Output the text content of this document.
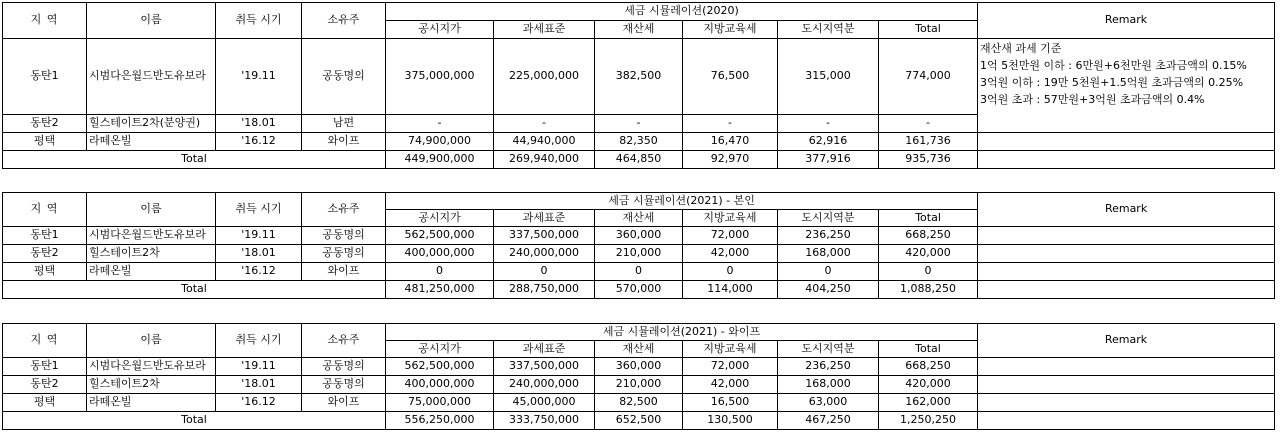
지 역	이름	취득 시기	소유주	세금 시뮬레이션(2020)						Remark
				공시지가	과세표준	재산세	지방교육세	도시지역분	Total	
동탄1	시범다은월드반도유보라	'19.11	공동명의	375,000,000	225,000,000	382,500	76,500	315,000	774,000	재산새 과세 기준
1억 5천만원 이하 : 6만원+6천만원 초과금액의 0.15%
3억원 이하 : 19만 5천원+1.5억원 초과금액의 0.25%
3억원 초과 : 57만원+3억원 초과금액의 0.4%
동탄2	힐스테이트2차(분양권)	'18.01	남편	-	-	-	-	-	-	
평택	라떼온빌	'16.12	와이프	74,900,000	44,940,000	82,350	16,470	62,916	161,736	
Total				449,900,000	269,940,000	464,850	92,970	377,916	935,736	
지 역	이름	취득 시기	소유주	세금 시뮬레이션(2021) - 본인						Remark
				공시지가	과세표준	재산세	지방교육세	도시지역분	Total	
동탄1	시범다은월드반도유보라	'19.11	공동명의	562,500,000	337,500,000	360,000	72,000	236,250	668,250	
동탄2	힐스테이트2차	'18.01	공동명의	400,000,000	240,000,000	210,000	42,000	168,000	420,000	
평택	라떼온빌	'16.12	와이프	0	0	0	0	0	0	
Total				481,250,000	288,750,000	570,000	114,000	404,250	1,088,250	
지 역	이름	취득 시기	소유주	세금 시뮬레이션(2021) - 와이프						Remark
				공시지가	과세표준	재산세	지방교육세	도시지역분	Total	
동탄1	시범다은월드반도유보라	'19.11	공동명의	562,500,000	337,500,000	360,000	72,000	236,250	668,250	
동탄2	힐스테이트2차	'18.01	공동명의	400,000,000	240,000,000	210,000	42,000	168,000	420,000	
평택	라떼온빌	'16.12	와이프	75,000,000	45,000,000	82,500	16,500	63,000	162,000	
Total				556,250,000	333,750,000	652,500	130,500	467,250	1,250,250	
